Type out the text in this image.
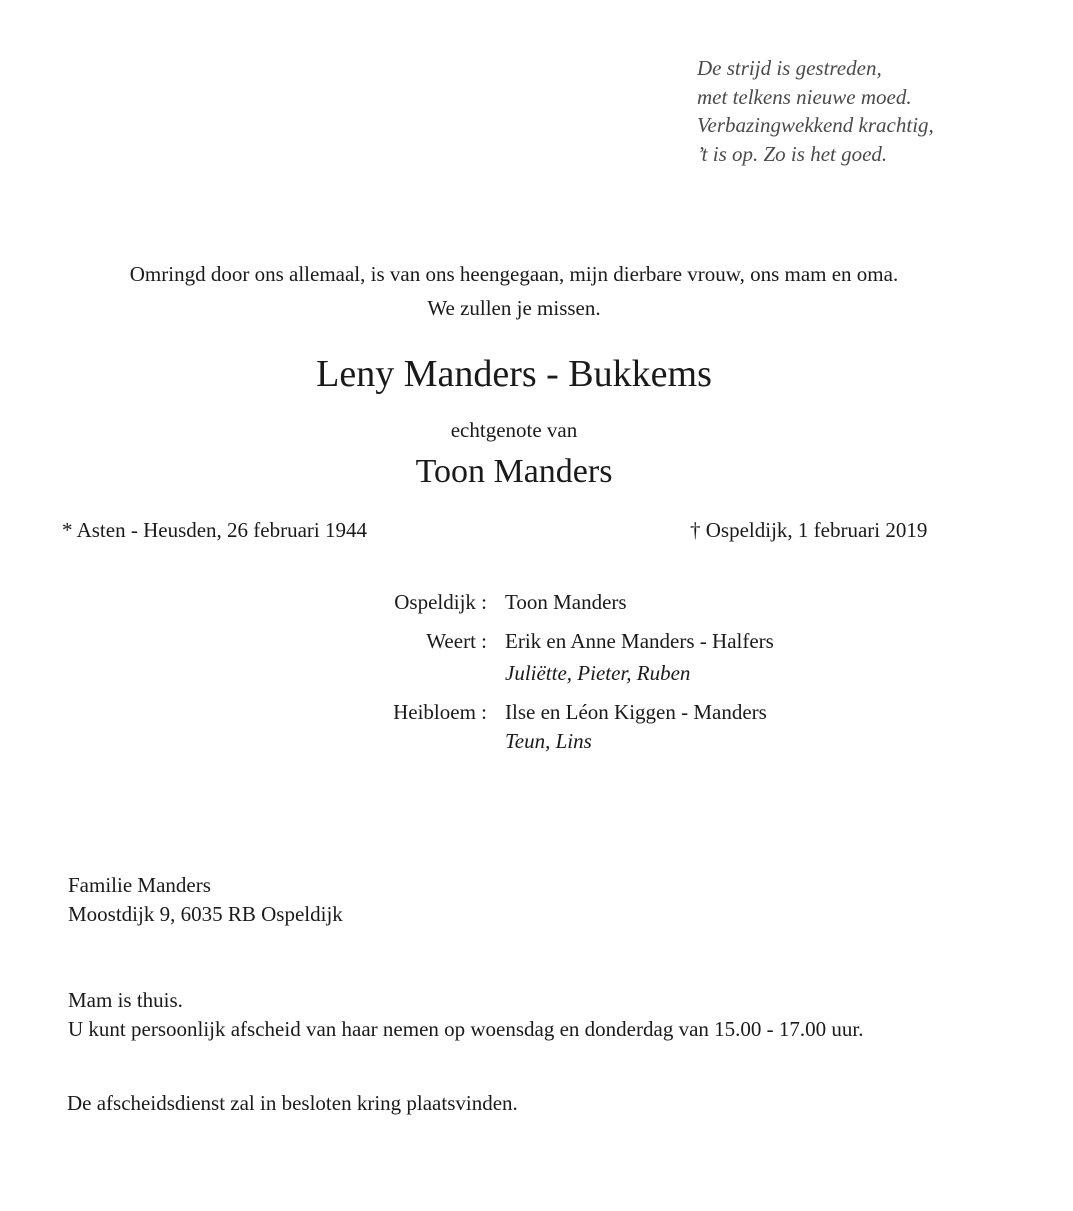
De strijd is gestreden,
met telkens nieuwe moed.
Verbazingwekkend krachtig,
’t is op. Zo is het goed.
Omringd door ons allemaal, is van ons heengegaan, mijn dierbare vrouw, ons mam en oma.
We zullen je missen.
Leny Manders - Bukkems
echtgenote van
Toon Manders
* Asten - Heusden, 26 februari 1944	† Ospeldijk, 1 februari 2019
Ospeldijk : Toon Manders
Weert : Erik en Anne Manders - Halfers
Juliëtte, Pieter, Ruben
Heibloem : Ilse en Léon Kiggen - Manders
Teun, Lins
Familie Manders
Moostdijk 9, 6035 RB Ospeldijk
Mam is thuis.
U kunt persoonlijk afscheid van haar nemen op woensdag en donderdag van 15.00 - 17.00 uur.
De afscheidsdienst zal in besloten kring plaatsvinden.
